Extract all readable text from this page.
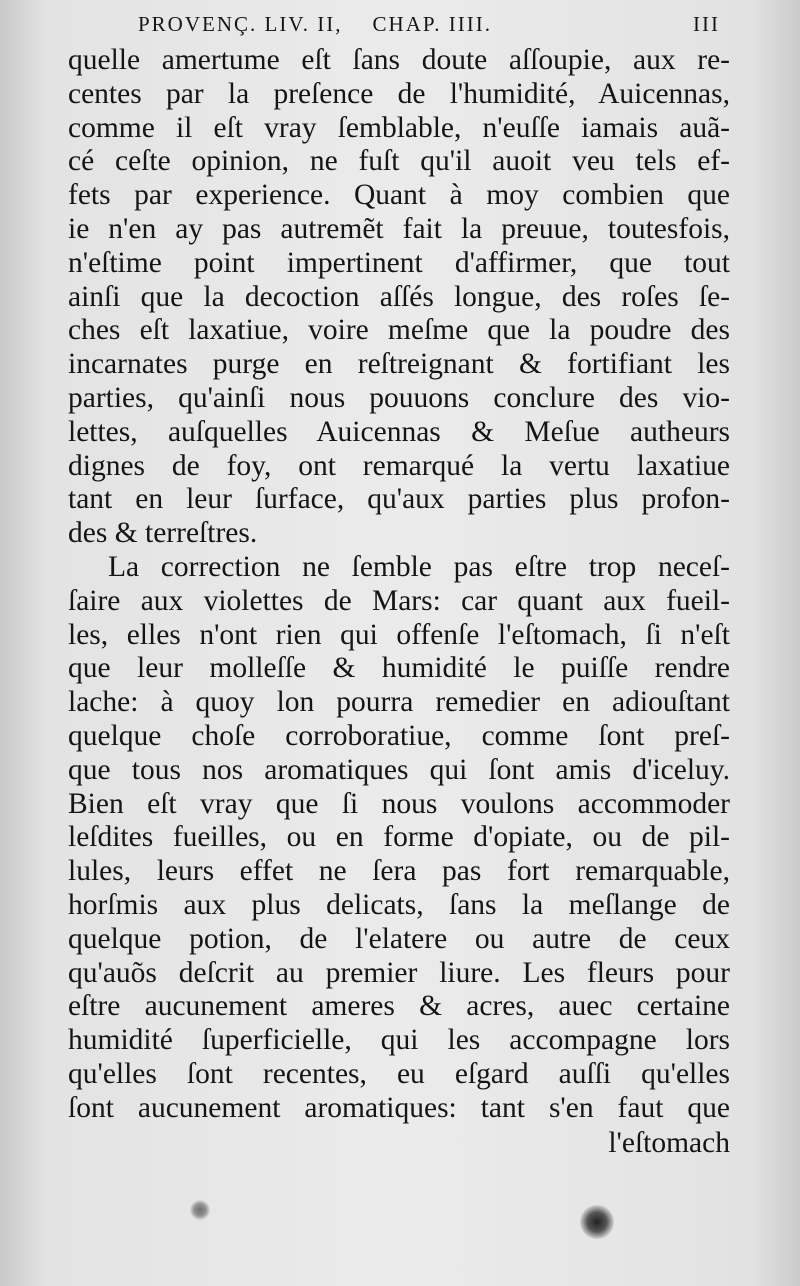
PROVENÇ. LIV. II, CHAP. IIII.	III
quelle amertume eſt ſans doute aſſoupie, aux re-
centes par la preſence de l'humidité, Auicennas,
comme il eſt vray ſemblable, n'euſſe iamais auã-
cé ceſte opinion, ne fuſt qu'il auoit veu tels ef-
fets par experience. Quant à moy combien que
ie n'en ay pas autremẽt fait la preuue, toutesfois,
n'eſtime point impertinent d'affirmer, que tout
ainſi que la decoction aſſés longue, des roſes ſe-
ches eſt laxatiue, voire meſme que la poudre des
incarnates purge en reſtreignant & fortifiant les
parties, qu'ainſi nous pouuons conclure des vio-
lettes, auſquelles Auicennas & Meſue autheurs
dignes de foy, ont remarqué la vertu laxatiue
tant en leur ſurface, qu'aux parties plus profon-
des & terreſtres.
La correction ne ſemble pas eſtre trop neceſ-
ſaire aux violettes de Mars: car quant aux fueil-
les, elles n'ont rien qui offenſe l'eſtomach, ſi n'eſt
que leur molleſſe & humidité le puiſſe rendre
lache: à quoy lon pourra remedier en adiouſtant
quelque choſe corroboratiue, comme ſont preſ-
que tous nos aromatiques qui ſont amis d'iceluy.
Bien eſt vray que ſi nous voulons accommoder
leſdites fueilles, ou en forme d'opiate, ou de pil-
lules, leurs effet ne ſera pas fort remarquable,
horſmis aux plus delicats, ſans la meſlange de
quelque potion, de l'elatere ou autre de ceux
qu'auõs deſcrit au premier liure. Les fleurs pour
eſtre aucunement ameres & acres, auec certaine
humidité ſuperficielle, qui les accompagne lors
qu'elles ſont recentes, eu eſgard auſſi qu'elles
ſont aucunement aromatiques: tant s'en faut que
l'eſtomach
